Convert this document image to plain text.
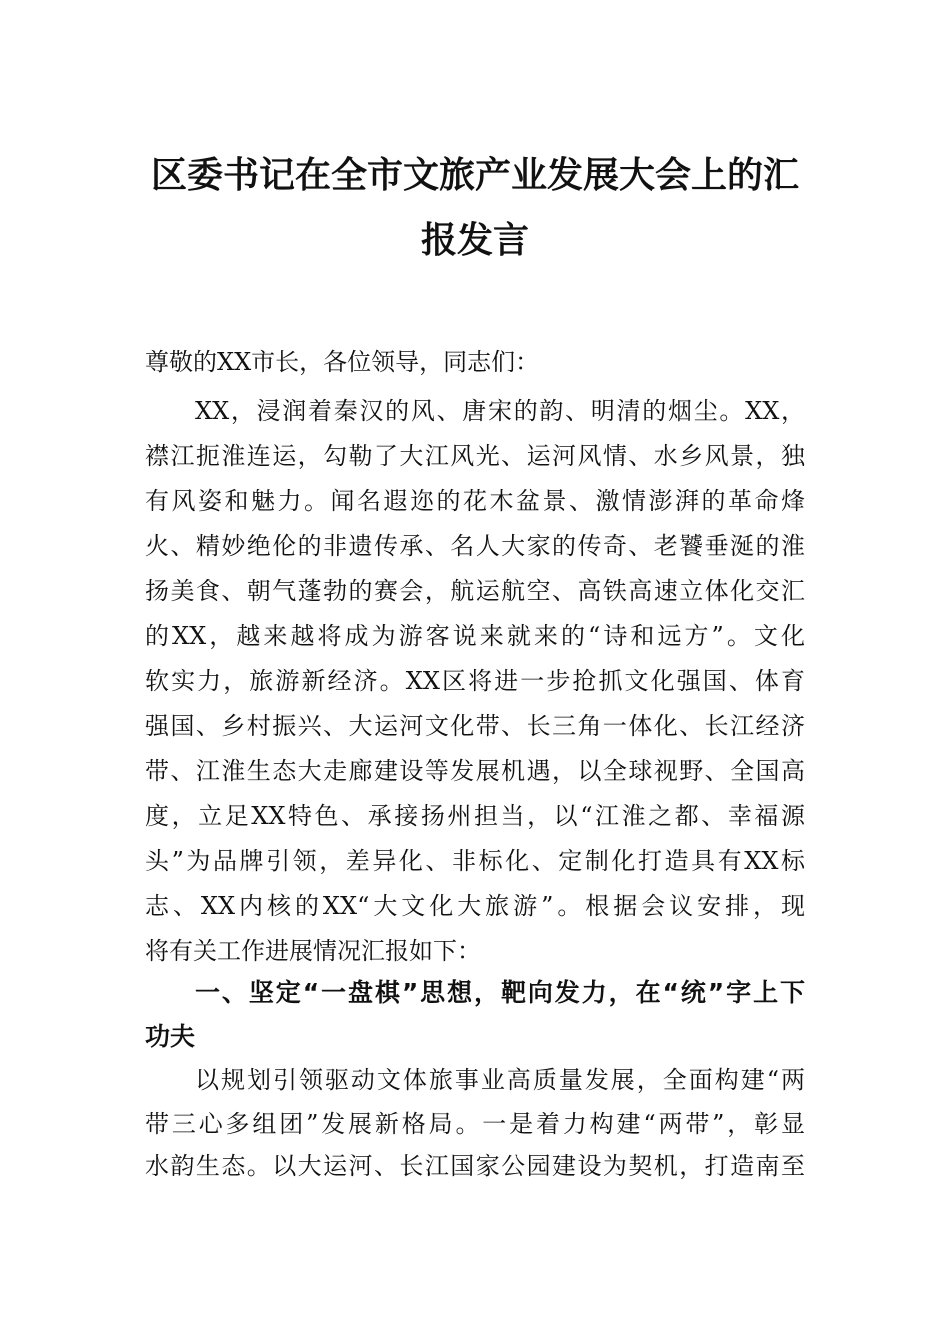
区委书记在全市文旅产业发展大会上的汇
报发言
尊敬的XX市长，各位领导，同志们：
XX，浸润着秦汉的风、唐宋的韵、明清的烟尘。XX，
襟江扼淮连运，勾勒了大江风光、运河风情、水乡风景，独
有风姿和魅力。闻名遐迩的花木盆景、激情澎湃的革命烽
火、精妙绝伦的非遗传承、名人大家的传奇、老饕垂涎的淮
扬美食、朝气蓬勃的赛会，航运航空、高铁高速立体化交汇
的XX，越来越将成为游客说来就来的“诗和远方”。文化
软实力，旅游新经济。XX区将进一步抢抓文化强国、体育
强国、乡村振兴、大运河文化带、长三角一体化、长江经济
带、江淮生态大走廊建设等发展机遇，以全球视野、全国高
度，立足XX特色、承接扬州担当，以“江淮之都、幸福源
头”为品牌引领，差异化、非标化、定制化打造具有XX标
志、XX内核的XX“大文化大旅游”。根据会议安排，现
将有关工作进展情况汇报如下：
一、坚定“一盘棋”思想，靶向发力，在“统”字上下
功夫
以规划引领驱动文体旅事业高质量发展，全面构建“两
带三心多组团”发展新格局。一是着力构建“两带”，彰显
水韵生态。以大运河、长江国家公园建设为契机，打造南至
